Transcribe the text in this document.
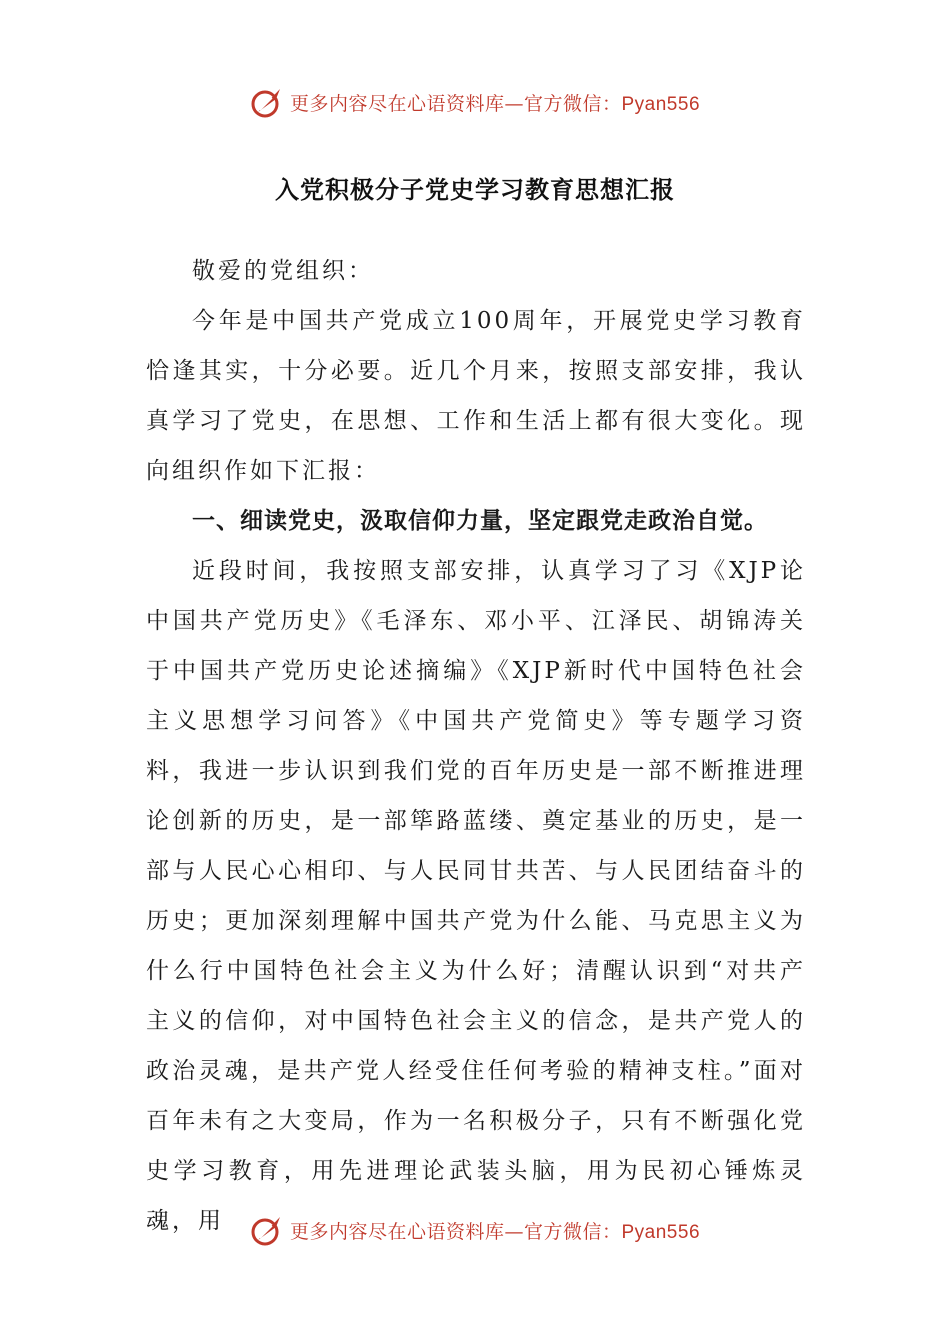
更多内容尽在心语资料库—官方微信：Pyan556
入党积极分子党史学习教育思想汇报

敬爱的党组织：

今年是中国共产党成立100周年，开展党史学习教育恰逢其实，十分必要。近几个月来，按照支部安排，我认真学习了党史，在思想、工作和生活上都有很大变化。现向组织作如下汇报：

一、细读党史，汲取信仰力量，坚定跟党走政治自觉。

近段时间，我按照支部安排，认真学习了习《XJP论中国共产党历史》《毛泽东、邓小平、江泽民、胡锦涛关于中国共产党历史论述摘编》《XJP新时代中国特色社会主义思想学习问答》《中国共产党简史》等专题学习资料，我进一步认识到我们党的百年历史是一部不断推进理论创新的历史，是一部筚路蓝缕、奠定基业的历史，是一部与人民心心相印、与人民同甘共苦、与人民团结奋斗的历史；更加深刻理解中国共产党为什么能、马克思主义为什么行中国特色社会主义为什么好；清醒认识到“对共产主义的信仰，对中国特色社会主义的信念，是共产党人的政治灵魂，是共产党人经受住任何考验的精神支柱。”面对百年未有之大变局，作为一名积极分子，只有不断强化党史学习教育，用先进理论武装头脑，用为民初心锤炼灵魂，用	更多内容尽在心语资料库—官方微信：Pyan556
